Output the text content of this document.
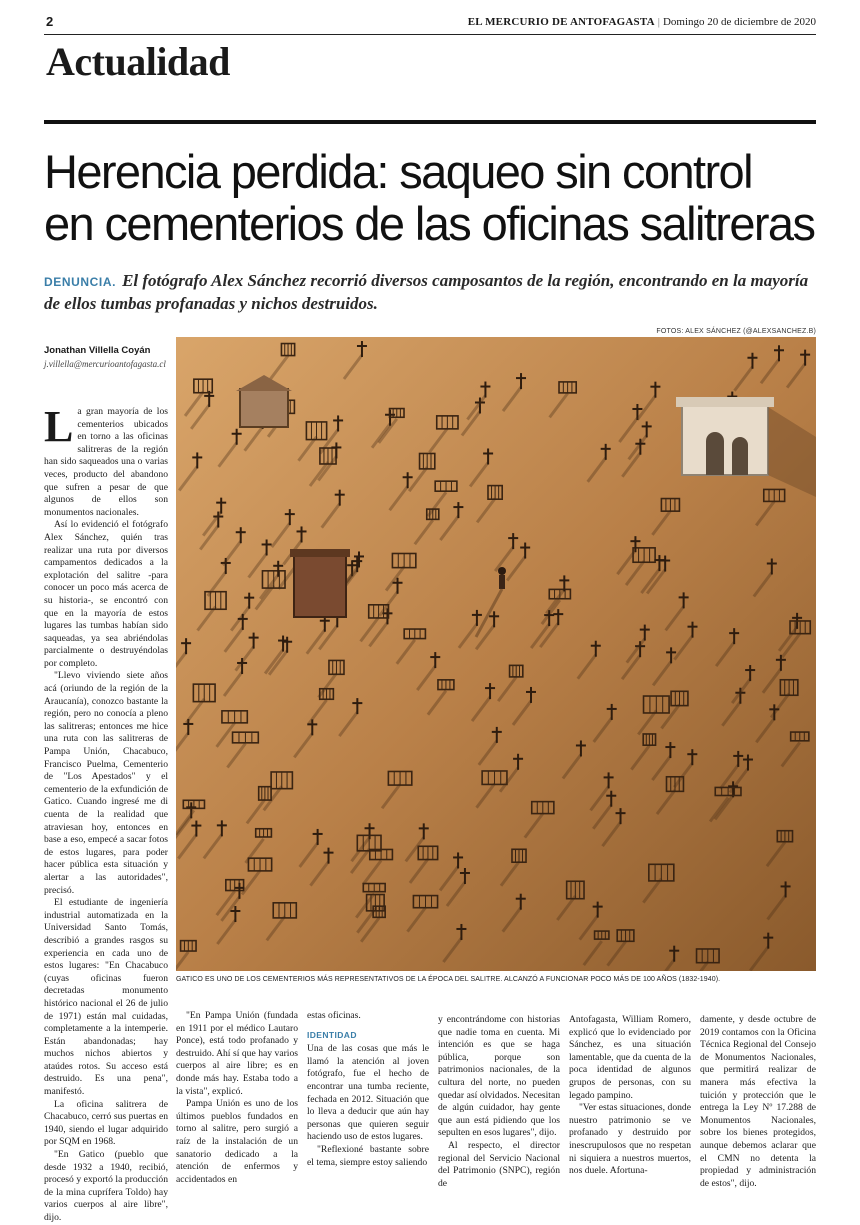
2	EL MERCURIO DE ANTOFAGASTA | Domingo 20 de diciembre de 2020
Actualidad
Herencia perdida: saqueo sin control
en cementerios de las oficinas salitreras
DENUNCIA. El fotógrafo Alex Sánchez recorrió diversos camposantos de la región, encontrando en la mayoría de ellos tumbas profanadas y nichos destruidos.
FOTOS: ALEX SÁNCHEZ (@ALEXSANCHEZ.B)
Jonathan Villella Coyán
j.villella@mercurioantofagasta.cl
GATICO ES UNO DE LOS CEMENTERIOS MÁS REPRESENTATIVOS DE LA ÉPOCA DEL SALITRE. ALCANZÓ A FUNCIONAR POCO MÁS DE 100 AÑOS (1832-1940).

La gran mayoría de los cementerios ubicados en torno a las oficinas salitreras de la región han sido saqueados una o varias veces, producto del abandono que sufren a pesar de que algunos de ellos son monumentos nacionales.

Así lo evidenció el fotógrafo Alex Sánchez, quién tras realizar una ruta por diversos campamentos dedicados a la explotación del salitre -para conocer un poco más acerca de su historia-, se encontró con que en la mayoría de estos lugares las tumbas habían sido saqueadas, ya sea abriéndolas parcialmente o destruyéndolas por completo.

"Llevo viviendo siete años acá (oriundo de la región de la Araucanía), conozco bastante la región, pero no conocía a pleno las salitreras; entonces me hice una ruta con las salitreras de Pampa Unión, Chacabuco, Francisco Puelma, Cementerio de "Los Apestados" y el cementerio de la exfundición de Gatico. Cuando ingresé me di cuenta de la realidad que atraviesan hoy, entonces en base a eso, empecé a sacar fotos de estos lugares, para poder hacer pública esta situación y alertar a las autoridades", precisó.

El estudiante de ingeniería industrial automatizada en la Universidad Santo Tomás, describió a grandes rasgos su experiencia en cada uno de estos lugares: "En Chacabuco (cuyas oficinas fueron decretadas monumento histórico nacional el 26 de julio de 1971) están mal cuidadas, completamente a la intemperie. Están abandonadas; hay muchos nichos abiertos y ataúdes rotos. Su acceso está destruido. Es una pena", manifestó.

La oficina salitrera de Chacabuco, cerró sus puertas en 1940, siendo el lugar adquirido por SQM en 1968.

"En Gatico (pueblo que desde 1932 a 1940, recibió, procesó y exportó la producción de la mina cuprífera Toldo) hay varios cuerpos al aire libre", dijo.

"En Pampa Unión (fundada en 1911 por el médico Lautaro Ponce), está todo profanado y destruido. Ahí sí que hay varios cuerpos al aire libre; es en donde más hay. Estaba todo a la vista", explicó.

Pampa Unión es uno de los últimos pueblos fundados en torno al salitre, pero surgió a raíz de la instalación de un sanatorio dedicado a la atención de enfermos y accidentados en

estas oficinas.

IDENTIDAD

Una de las cosas que más le llamó la atención al joven fotógrafo, fue el hecho de encontrar una tumba reciente, fechada en 2012. Situación que lo lleva a deducir que aún hay personas que quieren seguir haciendo uso de estos lugares.

"Reflexioné bastante sobre el tema, siempre estoy saliendo

y encontrándome con historias que nadie toma en cuenta. Mi intención es que se haga pública, porque son patrimonios nacionales, de la cultura del norte, no pueden quedar así olvidados. Necesitan de algún cuidador, hay gente que aun está pidiendo que los sepulten en esos lugares", dijo.

Al respecto, el director regional del Servicio Nacional del Patrimonio (SNPC), región de

Antofagasta, William Romero, explicó que lo evidenciado por Sánchez, es una situación lamentable, que da cuenta de la poca identidad de algunos grupos de personas, con su legado pampino.

"Ver estas situaciones, donde nuestro patrimonio se ve profanado y destruido por inescrupulosos que no respetan ni siquiera a nuestros muertos, nos duele. Afortuna-

damente, y desde octubre de 2019 contamos con la Oficina Técnica Regional del Consejo de Monumentos Nacionales, que permitirá realizar de manera más efectiva la tuición y protección que le entrega la Ley Nº 17.288 de Monumentos Nacionales, sobre los bienes protegidos, aunque debemos aclarar que el CMN no detenta la propiedad y administración de estos", dijo.
